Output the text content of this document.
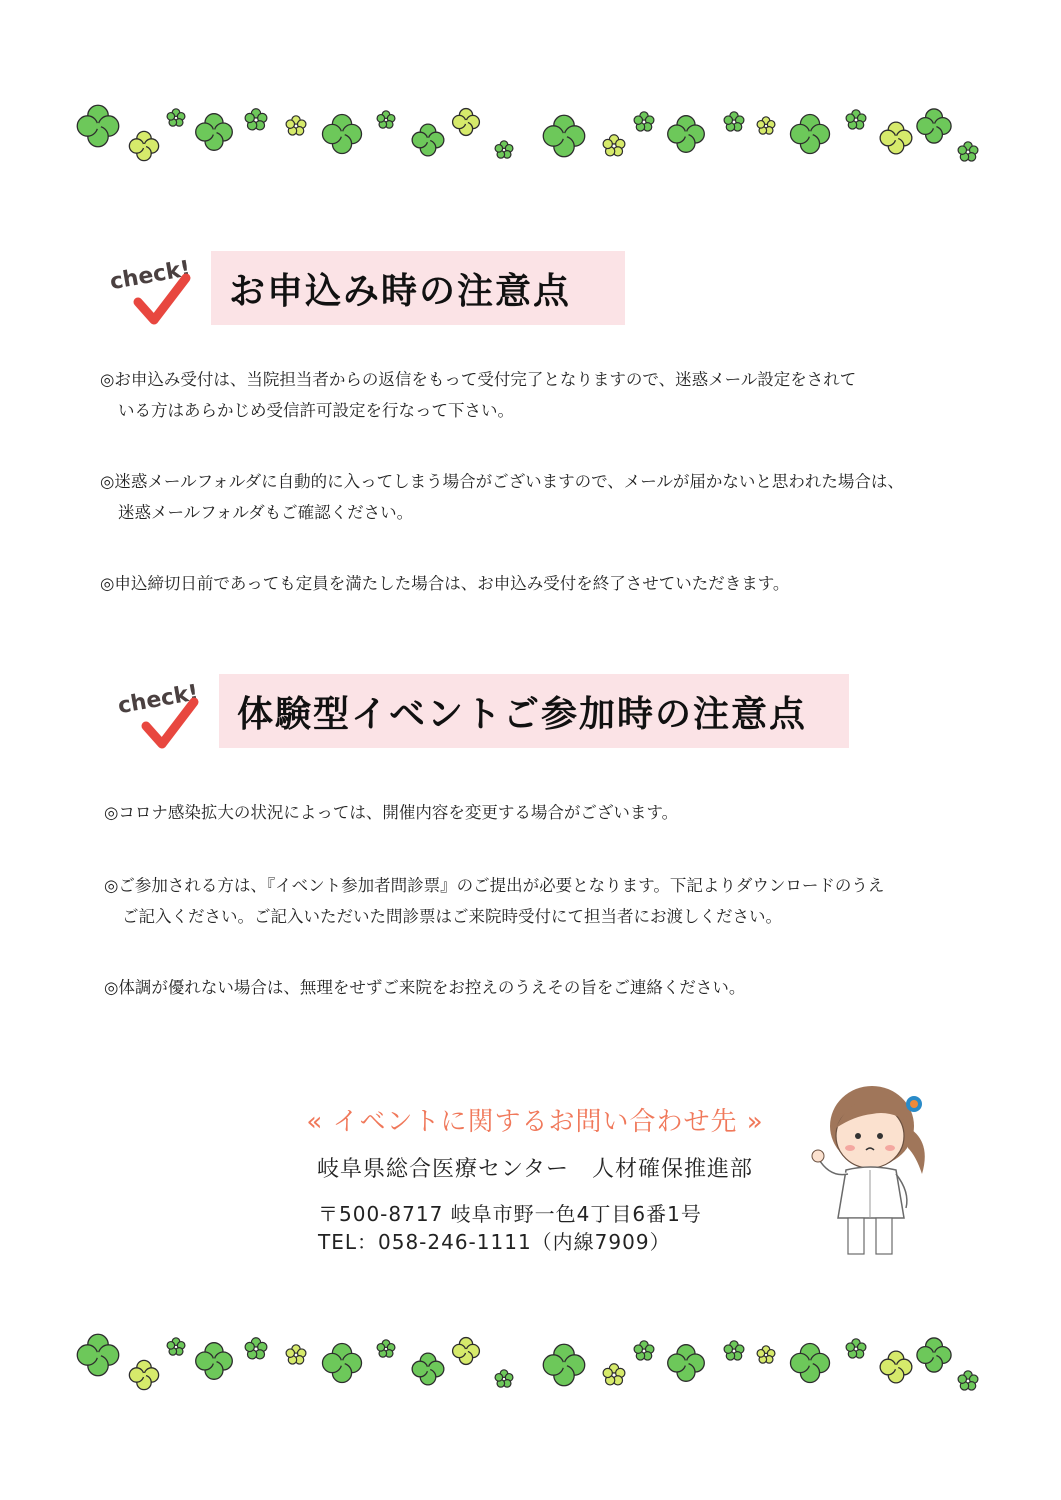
check!	お申込み時の注意点
◎お申込み受付は、当院担当者からの返信をもって受付完了となりますので、迷惑メール設定をされて
いる方はあらかじめ受信許可設定を行なって下さい。
◎迷惑メールフォルダに自動的に入ってしまう場合がございますので、メールが届かないと思われた場合は、
迷惑メールフォルダもご確認ください。
◎申込締切日前であっても定員を満たした場合は、お申込み受付を終了させていただきます。
check!	体験型イベントご参加時の注意点
◎コロナ感染拡大の状況によっては、開催内容を変更する場合がございます。
◎ご参加される方は、『イベント参加者問診票』のご提出が必要となります。下記よりダウンロードのうえ
ご記入ください。ご記入いただいた問診票はご来院時受付にて担当者にお渡しください。
◎体調が優れない場合は、無理をせずご来院をお控えのうえその旨をご連絡ください。
« イベントに関するお問い合わせ先 »
岐阜県総合医療センター　人材確保推進部
〒500-8717 岐阜市野一色4丁目6番1号
TEL：058-246-1111（内線7909）
